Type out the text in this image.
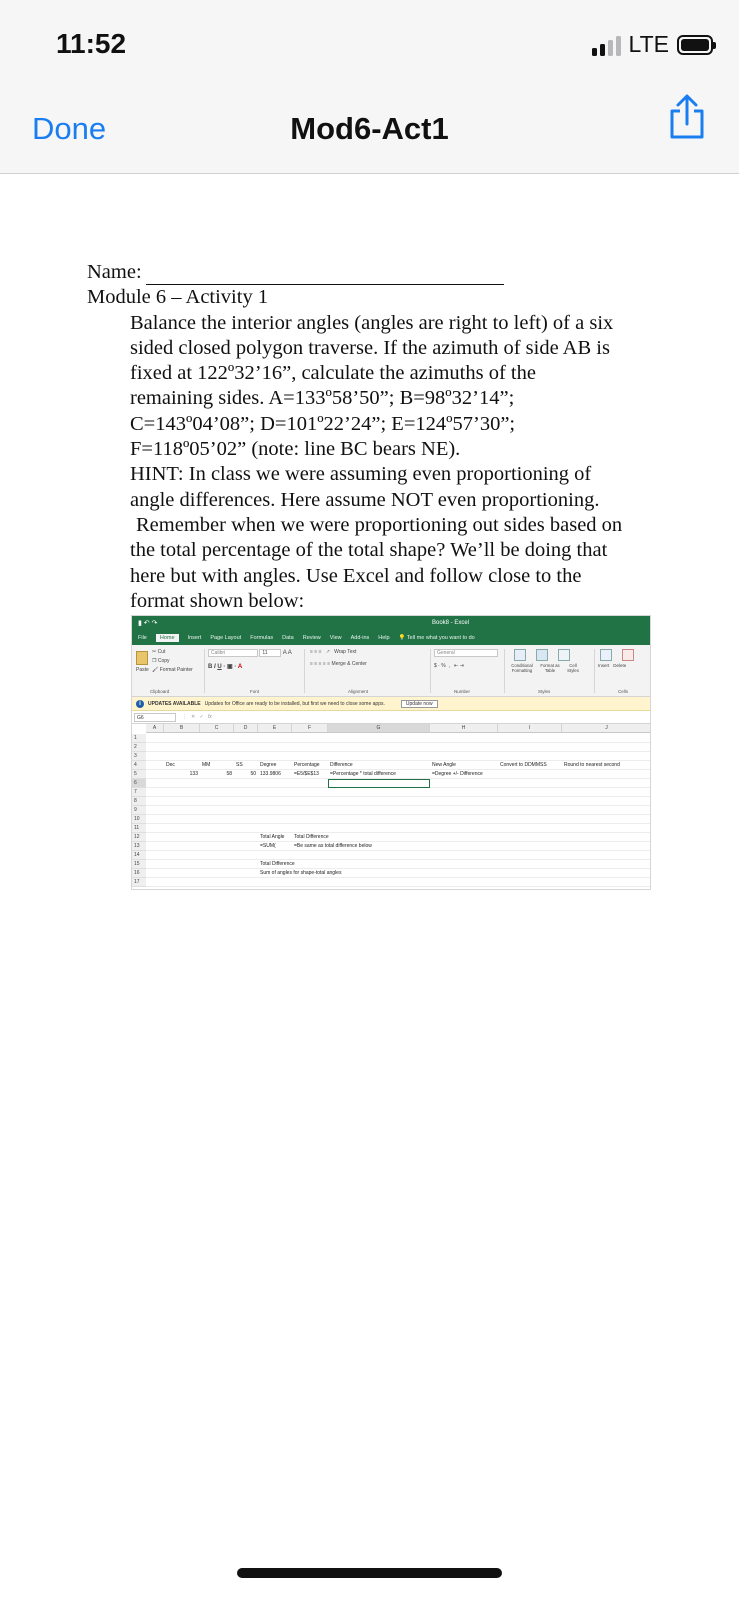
11:52	LTE
Done	Mod6-Act1
Name:
Module 6 – Activity 1
Balance the interior angles (angles are right to left) of a six
sided closed polygon traverse. If the azimuth of side AB is
fixed at 122º32’16”, calculate the azimuths of the
remaining sides. A=133º58’50”; B=98º32’14”;
C=143º04’08”; D=101º22’24”; E=124º57’30”;
F=118º05’02” (note: line BC bears NE).
HINT: In class we were assuming even proportioning of
angle differences. Here assume NOT even proportioning.
Remember when we were proportioning out sides based on
the total percentage of the total shape? We’ll be doing that
here but with angles. Use Excel and follow close to the
format shown below:
▮ ↶ ↷	Book8 - Excel
File	Home	Insert Page Layout Formulas Data Review View Add-ins Help 💡 Tell me what you want to do
Paste
✂ Cut
❐ Copy
🖌 Format Painter
Clipboard
Calibri	11	A A
B I U · ▣ · A
Font
≡ ≡ ≡   ↗   Wrap Text
≡ ≡ ≡ ≡ ≡ Merge & Center
Alignment
General
$ · %  ,   ⇤ ⇥
Number
Conditional Formatting
Format as Table
Cell Styles
Styles
Insert Delete
Cells
i	UPDATES AVAILABLE Updates for Office are ready to be installed, but first we need to close some apps.	Update now
G6	⋮   ✕   ✓   fx
A	B	C	D	E	F	G	H	I	J
1
2
3
4
5
6
7
8
9
10
11
12
13
14
15
16
17
Dec	MM	SS	Degree	Percentage Difference	New Angle	Convert to DDMMSS	Round to nearest second
133	58	50 133.9806	=E5/$E$13 =Percentage * total difference	=Degree +/- Difference
Total Angle
=SUM(
Total Difference
=Be same as total difference below
Total Difference
Sum of angles for shape-total angles
